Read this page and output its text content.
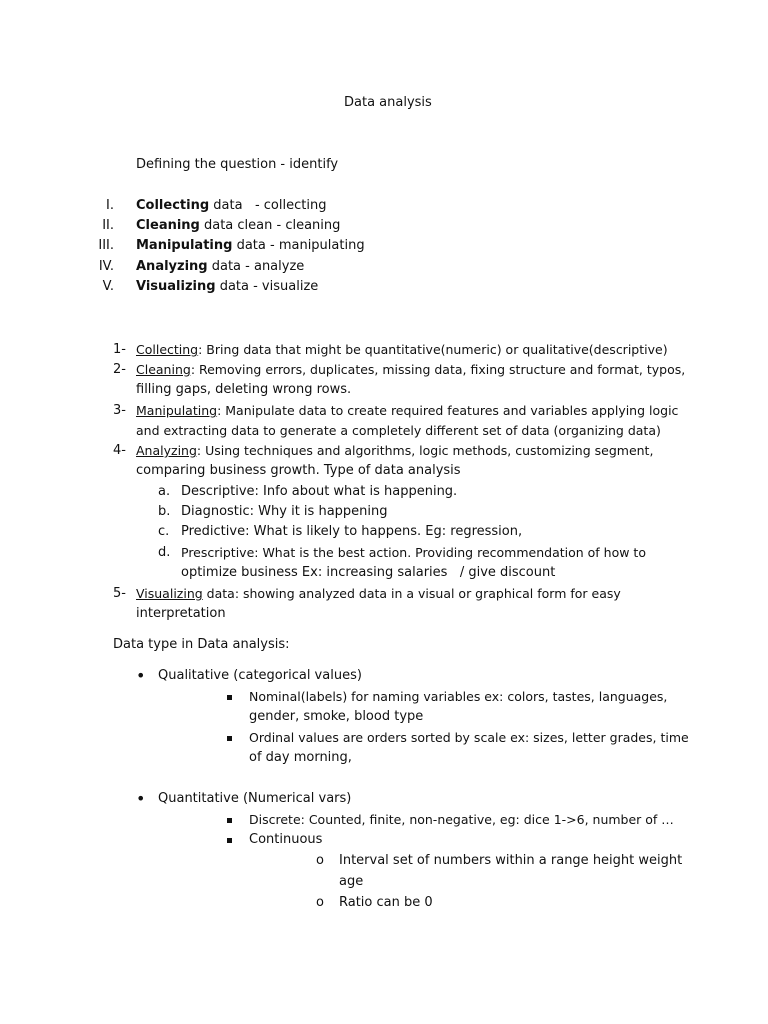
Data analysis
Defining the question - identify
I. Collecting data   - collecting
II. Cleaning data clean - cleaning
III. Manipulating data - manipulating
IV. Analyzing data - analyze
V. Visualizing data - visualize
1- Collecting: Bring data that might be quantitative(numeric) or qualitative(descriptive)
2- Cleaning: Removing errors, duplicates, missing data, fixing structure and format, typos,
filling gaps, deleting wrong rows.
3- Manipulating: Manipulate data to create required features and variables applying logic
and extracting data to generate a completely different set of data (organizing data)
4- Analyzing: Using techniques and algorithms, logic methods, customizing segment,
comparing business growth. Type of data analysis
a. Descriptive: Info about what is happening.
b. Diagnostic: Why it is happening
c. Predictive: What is likely to happens. Eg: regression,
d. Prescriptive: What is the best action. Providing recommendation of how to
optimize business Ex: increasing salaries   / give discount
5- Visualizing data: showing analyzed data in a visual or graphical form for easy
interpretation
Data type in Data analysis:
• Qualitative (categorical values)
Nominal(labels) for naming variables ex: colors, tastes, languages,
gender, smoke, blood type
Ordinal values are orders sorted by scale ex: sizes, letter grades, time
of day morning,
• Quantitative (Numerical vars)
Discrete: Counted, finite, non-negative, eg: dice 1->6, number of …
Continuous
o Interval set of numbers within a range height weight
age
o Ratio can be 0
